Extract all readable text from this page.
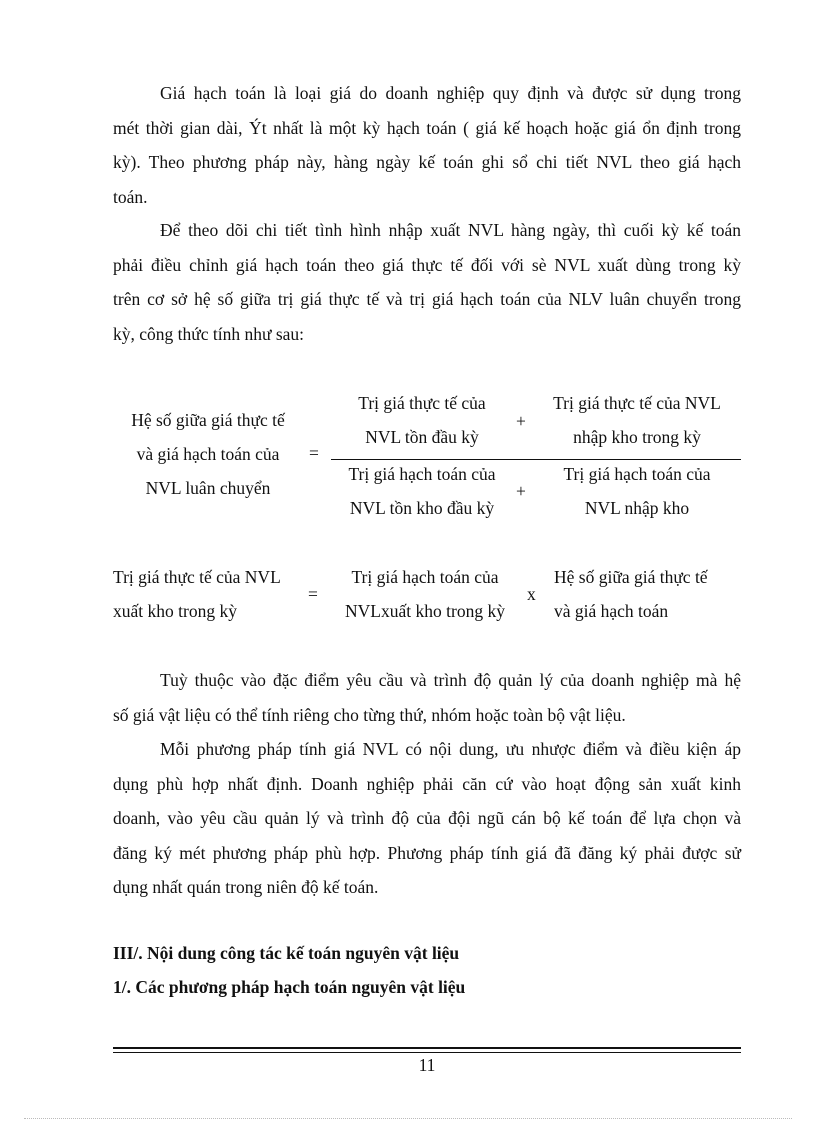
Giá hạch toán là loại giá do doanh nghiệp quy định và được sử dụng trong
mét thời gian dài, Ýt nhất là một kỳ hạch toán ( giá kế hoạch hoặc giá ổn định trong
kỳ). Theo phương pháp này, hàng ngày kế toán ghi sổ chi tiết NVL theo giá hạch
toán.
Để theo dõi chi tiết tình hình nhập xuất NVL hàng ngày, thì cuối kỳ kế toán
phải điều chỉnh giá hạch toán theo giá thực tế đối với sè NVL xuất dùng trong kỳ
trên cơ sở hệ số giữa trị giá thực tế và trị giá hạch toán của NLV luân chuyển trong
kỳ, công thức tính như sau:
Hệ số giữa giá thực tế
và giá hạch toán của
NVL luân chuyển
=
Trị giá thực tế của
NVL tồn đầu kỳ
+
Trị giá thực tế của NVL
nhập kho trong kỳ
Trị giá hạch toán của
NVL tồn kho đầu kỳ
+
Trị giá hạch toán của
NVL nhập kho
Trị giá thực tế của NVL
xuất kho trong kỳ
=
Trị giá hạch toán của
NVLxuất kho trong kỳ
x
Hệ số giữa giá thực tế
và giá hạch toán
Tuỳ thuộc vào đặc điểm yêu cầu và trình độ quản lý của doanh nghiệp mà hệ
số giá vật liệu có thể tính riêng cho từng thứ, nhóm hoặc toàn bộ vật liệu.
Mỗi phương pháp tính giá NVL có nội dung, ưu nhược điểm và điều kiện áp
dụng phù hợp nhất định. Doanh nghiệp phải căn cứ vào hoạt động sản xuất kinh
doanh, vào yêu cầu quản lý và trình độ của đội ngũ cán bộ kế toán để lựa chọn và
đăng ký mét phương pháp phù hợp. Phương pháp tính giá đã đăng ký phải được sử
dụng nhất quán trong niên độ kế toán.
III/. Nội dung công tác kế toán nguyên vật liệu
1/. Các phương pháp hạch toán nguyên vật liệu
11
